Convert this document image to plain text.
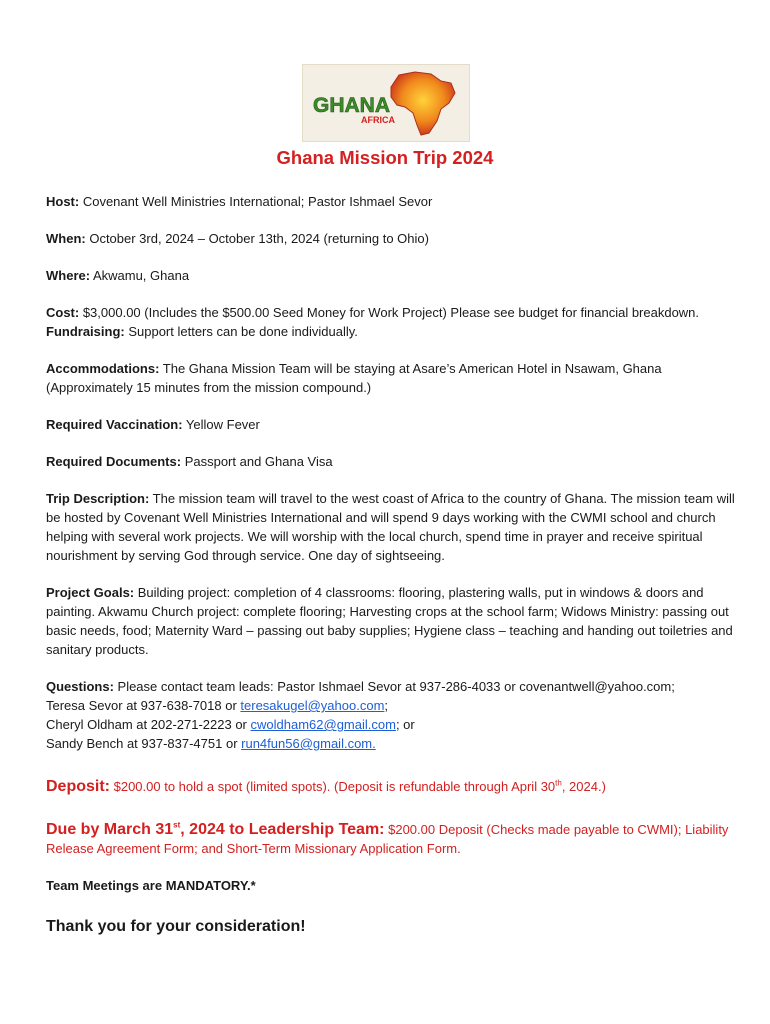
GHANA
AFRICA
Ghana Mission Trip 2024

Host: Covenant Well Ministries International; Pastor Ishmael Sevor

When: October 3rd, 2024 – October 13th, 2024 (returning to Ohio)

Where: Akwamu, Ghana

Cost: $3,000.00 (Includes the $500.00 Seed Money for Work Project) Please see budget for financial breakdown. Fundraising: Support letters can be done individually.

Accommodations: The Ghana Mission Team will be staying at Asare’s American Hotel in Nsawam, Ghana (Approximately 15 minutes from the mission compound.)

Required Vaccination: Yellow Fever

Required Documents: Passport and Ghana Visa

Trip Description: The mission team will travel to the west coast of Africa to the country of Ghana. The mission team will be hosted by Covenant Well Ministries International and will spend 9 days working with the CWMI school and church helping with several work projects. We will worship with the local church, spend time in prayer and receive spiritual nourishment by serving God through service. One day of sightseeing.

Project Goals: Building project: completion of 4 classrooms: flooring, plastering walls, put in windows & doors and painting. Akwamu Church project: complete flooring; Harvesting crops at the school farm; Widows Ministry: passing out basic needs, food; Maternity Ward – passing out baby supplies; Hygiene class – teaching and handing out toiletries and sanitary products.

Questions: Please contact team leads: Pastor Ishmael Sevor at 937-286-4033 or covenantwell@yahoo.com;
Teresa Sevor at 937-638-7018 or teresakugel@yahoo.com;
Cheryl Oldham at 202-271-2223 or cwoldham62@gmail.com; or
Sandy Bench at 937-837-4751 or run4fun56@gmail.com.

Deposit: $200.00 to hold a spot (limited spots). (Deposit is refundable through April 30th, 2024.)

Due by March 31st, 2024 to Leadership Team: $200.00 Deposit (Checks made payable to CWMI); Liability Release Agreement Form; and Short-Term Missionary Application Form.

Team Meetings are MANDATORY.*

Thank you for your consideration!
